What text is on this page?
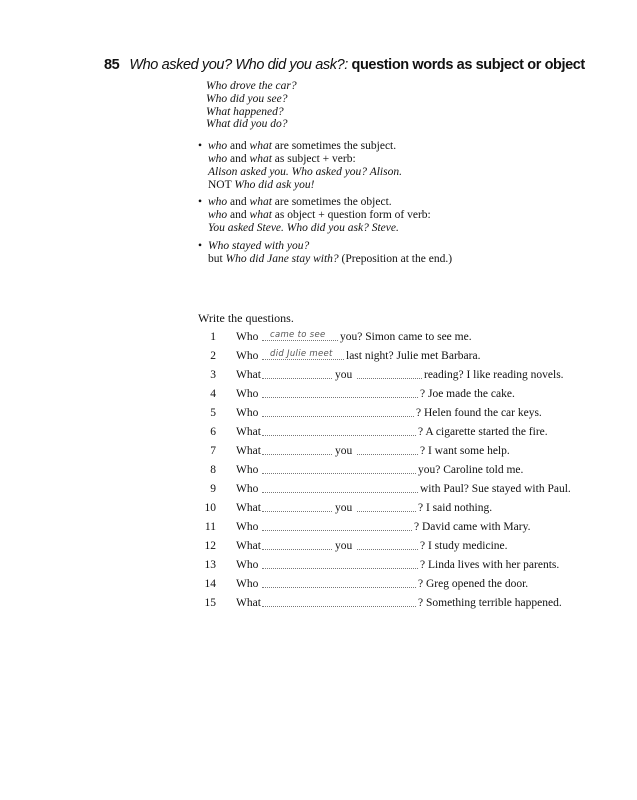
85 Who asked you? Who did you ask?: question words as subject or object
Who drove the car?
Who did you see?
What happened?
What did you do?
• who and what are sometimes the subject.
who and what as subject + verb:
Alison asked you. Who asked you? Alison.
NOT Who did ask you!
• who and what are sometimes the object.
who and what as object + question form of verb:
You asked Steve. Who did you ask? Steve.
• Who stayed with you?
but Who did Jane stay with? (Preposition at the end.)
Write the questions.
1 Who came to see you? Simon came to see me.
2 Who did Julie meet last night? Julie met Barbara.
3 What	you	reading? I like reading novels.
4 Who	? Joe made the cake.
5 Who	? Helen found the car keys.
6 What	? A cigarette started the fire.
7 What	you	? I want some help.
8 Who	you? Caroline told me.
9 Who	with Paul? Sue stayed with Paul.
10 What	you	? I said nothing.
11 Who	? David came with Mary.
12 What	you	? I study medicine.
13 Who	? Linda lives with her parents.
14 Who	? Greg opened the door.
15 What	? Something terrible happened.
